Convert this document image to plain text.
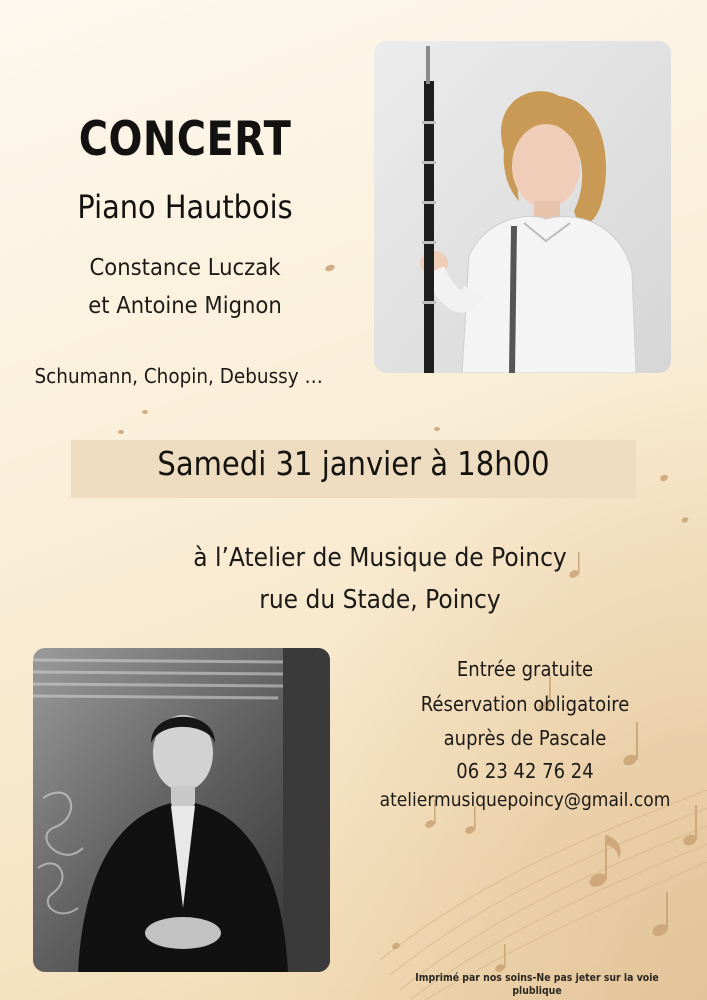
CONCERT
Piano Hautbois
Constance Luczak
et Antoine Mignon
Schumann, Chopin, Debussy …
Samedi 31 janvier à 18h00
à l’Atelier de Musique de Poincy
rue du Stade, Poincy
Entrée gratuite
Réservation obligatoire
auprès de Pascale
06 23 42 76 24
ateliermusiquepoincy@gmail.com
Imprimé par nos soins-Ne pas jeter sur la voie plublique
